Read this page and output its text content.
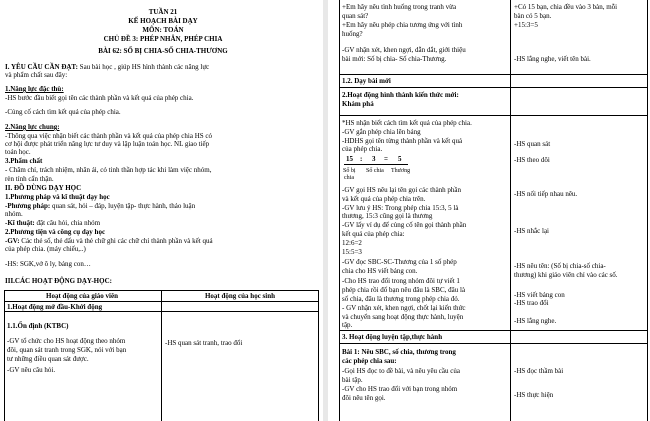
TUẦN 21
KẾ HOẠCH BÀI DẠY
MÔN: TOÁN
CHỦ ĐỀ 3: PHÉP NHÂN, PHÉP CHIA
BÀI 62: SỐ BỊ CHIA-SỐ CHIA-THƯƠNG
I. YÊU CẦU CẦN ĐẠT: Sau bài học , giúp HS hình thành các năng lực
và phẩm chất sau đây:
1.Năng lực đặc thù:
-HS bước đầu biết gọi tên các thành phần và kết quả của phép chia.
-Củng cố cách tìm kết quả của phép chia.
2.Năng lực chung:
-Thông qua việc nhận biết các thành phần và kết quả của phép chia HS có
cơ hội được phát triển năng lực tư duy và lập luận toán học. NL giao tiếp
toán học.
3.Phẩm chất
- Chăm chỉ, trách nhiệm, nhân ái, có tinh thần hợp tác khi làm việc nhóm,
rèn tính cẩn thận.
II. ĐỒ DÙNG DẠY HỌC
1.Phương pháp và kĩ thuật dạy học
-Phương pháp: quan sát, hỏi – đáp, luyện tập- thực hành, thảo luận
nhóm.
-Kĩ thuật: đặt câu hỏi, chia nhóm
2.Phương tiện và công cụ dạy học
-GV: Các thẻ số, thẻ dấu và thẻ chữ ghi các chữ chỉ thành phần và kết quả
của phép chia. (máy chiếu,..)
-HS: SGK,vở ô ly, bảng con…
III.CÁC HOẠT ĐỘNG DẠY-HỌC:
Hoạt động của giáo viên	Hoạt động của học sinh
1.Hoạt động mở đầu-Khởi động
1.1.Ổn định (KTBC)
-GV tổ chức cho HS hoạt động theo nhóm
đôi, quan sát tranh trong SGK, nói với bạn
tư những điều quan sát được.
-GV nêu câu hỏi.
-HS quan sát tranh, trao đổi
+Em hãy nêu tình huống trong tranh vừa
quan sát?
+Em hãy nêu phép chia tương ứng với tình
huống?
-GV nhận xét, khen ngợi, dẫn dắt, giới thiệu
bài mới: Số bị chia- Số chia-Thương.
+Có 15 bạn, chia đều vào 3 bàn, mỗi
bàn có 5 bạn.
+15:3=5
-HS lắng nghe, viết tên bài.
1.2. Dạy bài mới
2.Hoạt động hình thành kiến thức mới:
Khám phá
*HS nhận biết cách tìm kết quả của phép chia.
-GV gắn phép chia lên bảng
-HDHS gọi tên từng thành phần và kết quả
của phép chia.
15 : 3 = 5
Số bị
chia
Số chia Thương
-GV gọi HS nêu lại tên gọi các thành phần
và kết quả của phép chia trên.
-GV lưu ý HS: Trong phép chia 15:3, 5 là
thương, 15:3 cũng gọi là thương
-GV lấy ví dụ để củng cố tên gọi thành phần
kết quả của phép chia:
12:6=2
15:5=3
-GV đọc SBC-SC-Thương của 1 số phép
chia cho HS viết bảng con.
-Cho HS trao đổi trong nhóm đôi tự viết 1
phép chia rồi đố bạn nêu đâu là SBC, đâu là
số chia, đâu là thương trong phép chia đó.
- GV nhận xét, khen ngợi, chốt lại kiến thức
và chuyển sang hoạt động thực hành, luyện
tập.
-HS quan sát
-HS theo dõi
-HS nối tiếp nhau nêu.
-HS nhắc lại
-HS nêu tên: (Số bị chia-số chia-
thương) khi giáo viên chỉ vào các số.
-HS viết bảng con
-HS trao đổi
-HS lắng nghe.
3. Hoạt động luyện tập,thực hành
Bài 1: Nêu SBC, số chia, thương trong
các phép chia sau:
-Gọi HS đọc to đề bài, và nêu yêu cầu của
bài tập.
-GV cho HS trao đổi với bạn trong nhóm
đôi nêu tên gọi.
-HS đọc thầm bài
-HS thực hiện
